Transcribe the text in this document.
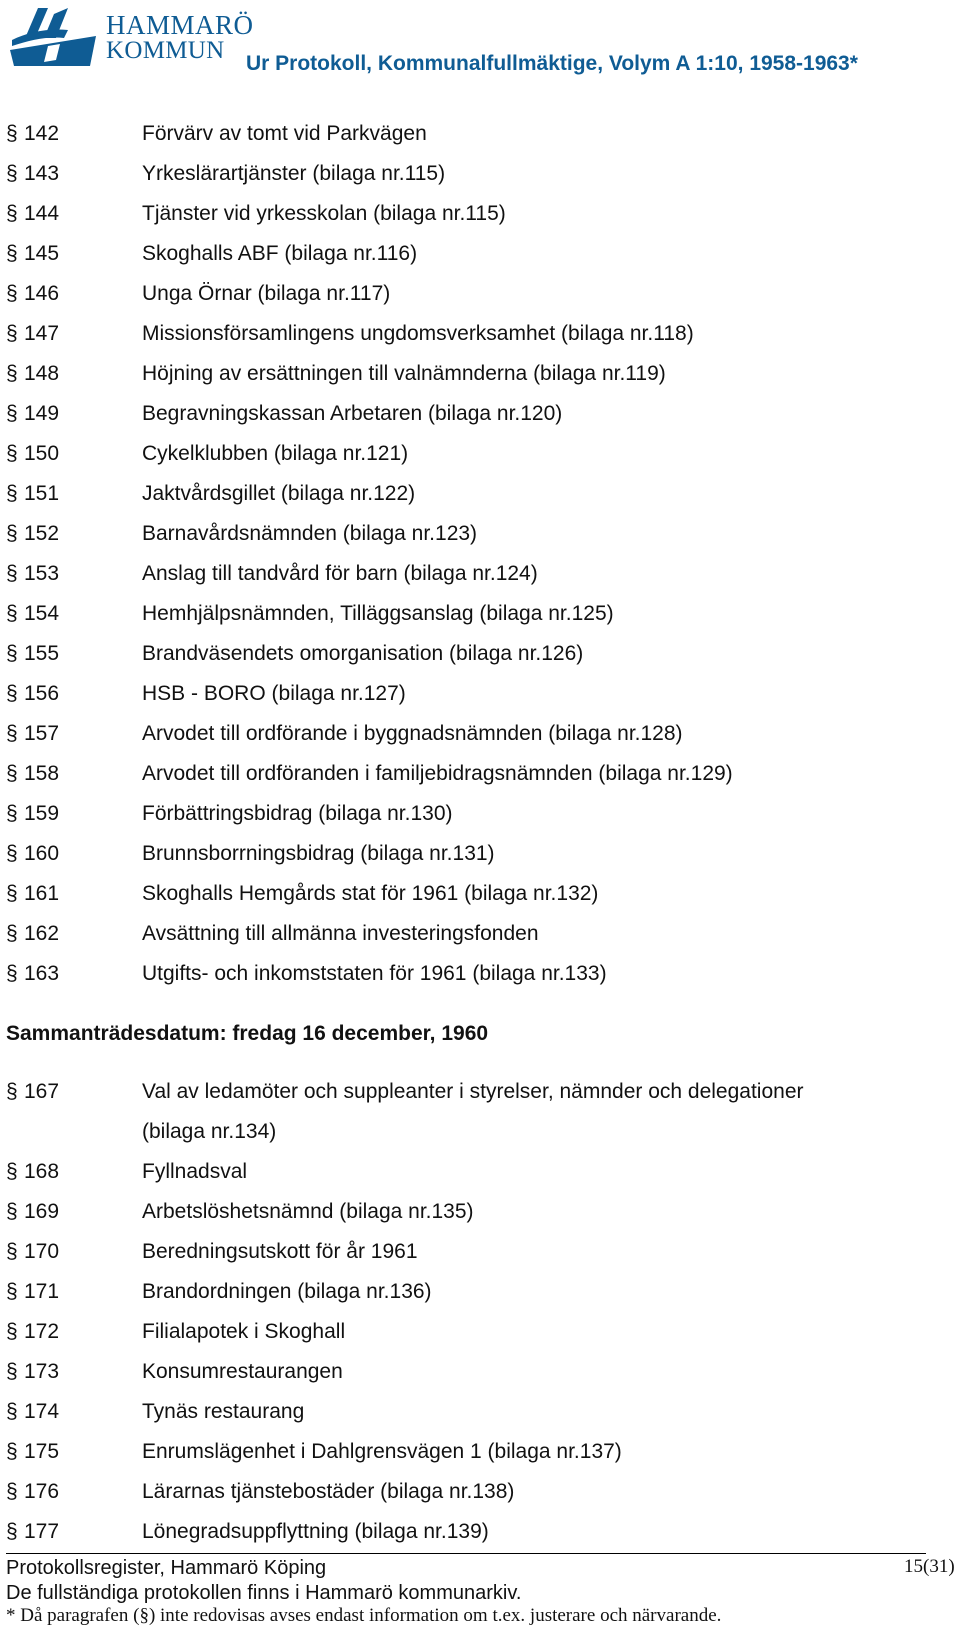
HAMMARÖ
KOMMUN	Ur Protokoll, Kommunalfullmäktige, Volym A 1:10, 1958-1963*
§ 142	Förvärv av tomt vid Parkvägen
§ 143	Yrkeslärartjänster (bilaga nr.115)
§ 144	Tjänster vid yrkesskolan (bilaga nr.115)
§ 145	Skoghalls ABF (bilaga nr.116)
§ 146	Unga Örnar (bilaga nr.117)
§ 147	Missionsförsamlingens ungdomsverksamhet (bilaga nr.118)
§ 148	Höjning av ersättningen till valnämnderna (bilaga nr.119)
§ 149	Begravningskassan Arbetaren (bilaga nr.120)
§ 150	Cykelklubben (bilaga nr.121)
§ 151	Jaktvårdsgillet (bilaga nr.122)
§ 152	Barnavårdsnämnden (bilaga nr.123)
§ 153	Anslag till tandvård för barn (bilaga nr.124)
§ 154	Hemhjälpsnämnden, Tilläggsanslag (bilaga nr.125)
§ 155	Brandväsendets omorganisation (bilaga nr.126)
§ 156	HSB - BORO (bilaga nr.127)
§ 157	Arvodet till ordförande i byggnadsnämnden (bilaga nr.128)
§ 158	Arvodet till ordföranden i familjebidragsnämnden (bilaga nr.129)
§ 159	Förbättringsbidrag (bilaga nr.130)
§ 160	Brunnsborrningsbidrag (bilaga nr.131)
§ 161	Skoghalls Hemgårds stat för 1961 (bilaga nr.132)
§ 162	Avsättning till allmänna investeringsfonden
§ 163	Utgifts- och inkomststaten för 1961 (bilaga nr.133)
Sammanträdesdatum: fredag 16 december, 1960
§ 167	Val av ledamöter och suppleanter i styrelser, nämnder och delegationer
(bilaga nr.134)
§ 168	Fyllnadsval
§ 169	Arbetslöshetsnämnd (bilaga nr.135)
§ 170	Beredningsutskott för år 1961
§ 171	Brandordningen (bilaga nr.136)
§ 172	Filialapotek i Skoghall
§ 173	Konsumrestaurangen
§ 174	Tynäs restaurang
§ 175	Enrumslägenhet i Dahlgrensvägen 1 (bilaga nr.137)
§ 176	Lärarnas tjänstebostäder (bilaga nr.138)
§ 177	Lönegradsuppflyttning (bilaga nr.139)
Protokollsregister, Hammarö Köping
De fullständiga protokollen finns i Hammarö kommunarkiv.
* Då paragrafen (§) inte redovisas avses endast information om t.ex. justerare och närvarande.
15(31)
